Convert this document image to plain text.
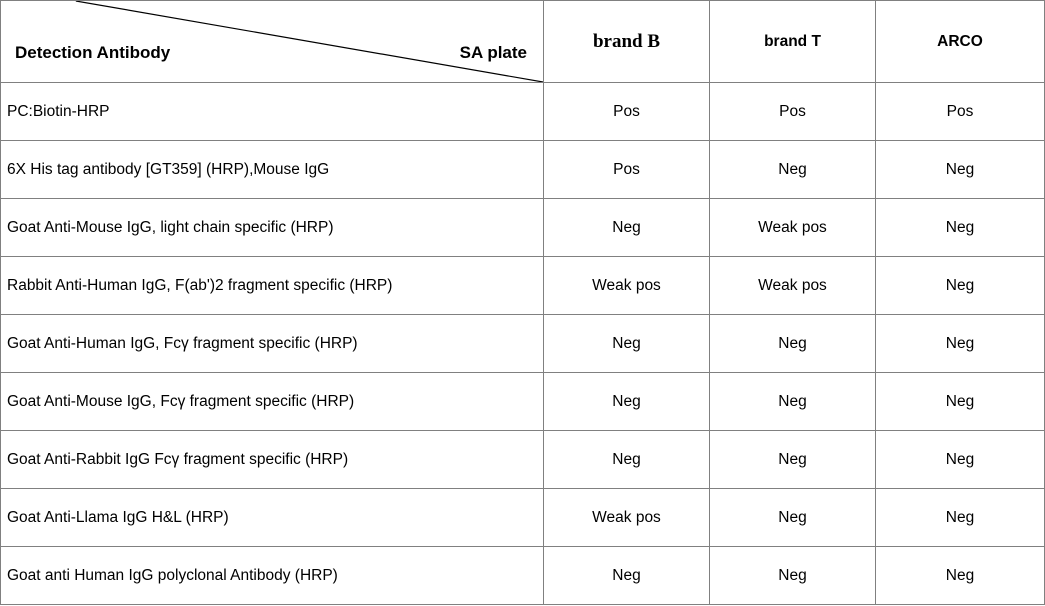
Detection Antibody SA plate	brand B	brand T	ARCO
PC:Biotin-HRP	Pos	Pos	Pos
6X His tag antibody [GT359] (HRP),Mouse IgG	Pos	Neg	Neg
Goat Anti-Mouse IgG, light chain specific (HRP)	Neg	Weak pos	Neg
Rabbit Anti-Human IgG, F(ab')2 fragment specific (HRP)	Weak pos	Weak pos	Neg
Goat Anti-Human IgG, Fcγ fragment specific (HRP)	Neg	Neg	Neg
Goat Anti-Mouse IgG, Fcγ fragment specific (HRP)	Neg	Neg	Neg
Goat Anti-Rabbit IgG Fcγ fragment specific (HRP)	Neg	Neg	Neg
Goat Anti-Llama IgG H&L (HRP)	Weak pos	Neg	Neg
Goat anti Human IgG polyclonal Antibody (HRP)	Neg	Neg	Neg
